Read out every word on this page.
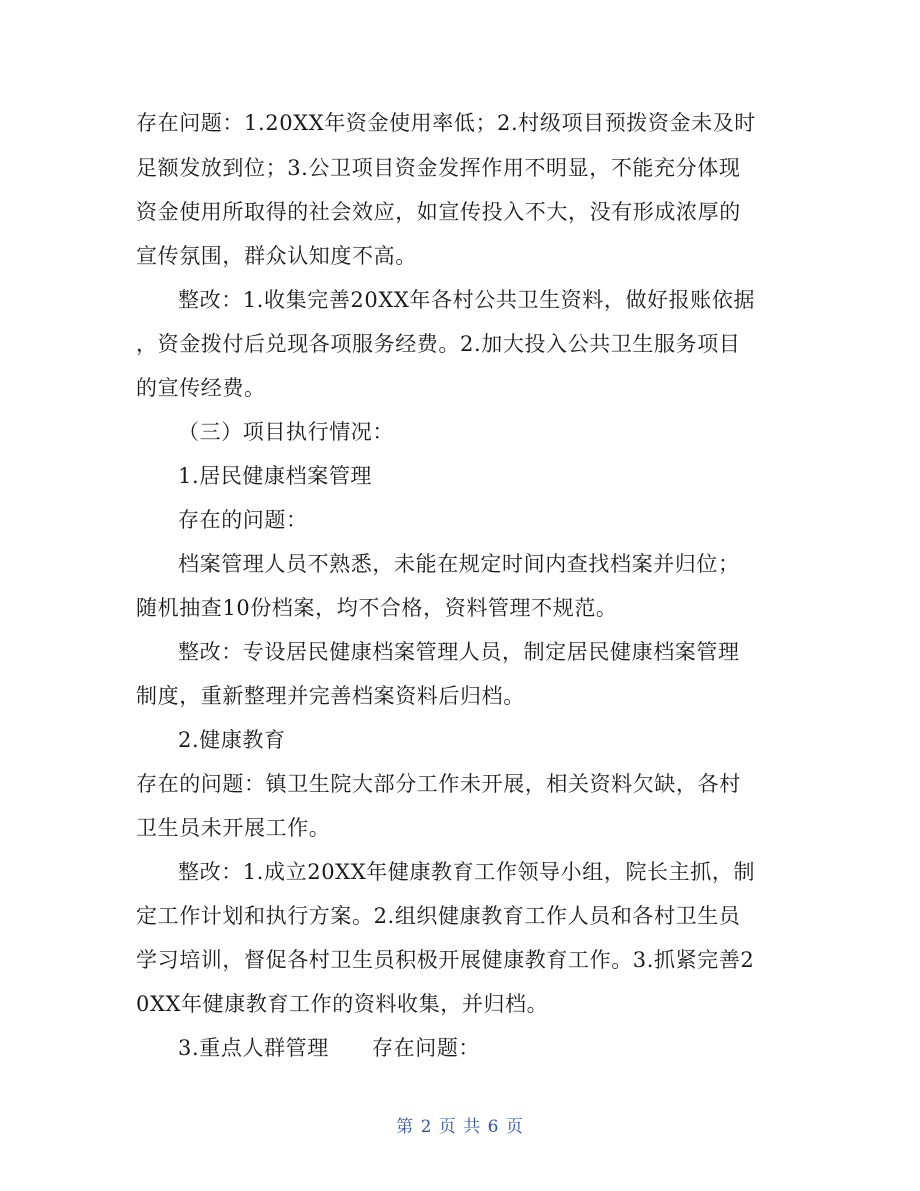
存在问题：1.20XX年资金使用率低；2.村级项目预拨资金未及时
足额发放到位；3.公卫项目资金发挥作用不明显，不能充分体现
资金使用所取得的社会效应，如宣传投入不大，没有形成浓厚的
宣传氛围，群众认知度不高。
整改：1.收集完善20XX年各村公共卫生资料，做好报账依据
，资金拨付后兑现各项服务经费。2.加大投入公共卫生服务项目
的宣传经费。
（三）项目执行情况：
1.居民健康档案管理
存在的问题：
档案管理人员不熟悉，未能在规定时间内查找档案并归位；
随机抽查10份档案，均不合格，资料管理不规范。
整改：专设居民健康档案管理人员，制定居民健康档案管理
制度，重新整理并完善档案资料后归档。
2.健康教育
存在的问题：镇卫生院大部分工作未开展，相关资料欠缺，各村
卫生员未开展工作。
整改：1.成立20XX年健康教育工作领导小组，院长主抓，制
定工作计划和执行方案。2.组织健康教育工作人员和各村卫生员
学习培训，督促各村卫生员积极开展健康教育工作。3.抓紧完善2
0XX年健康教育工作的资料收集，并归档。
3.重点人群管理　　存在问题：
第 2 页 共 6 页
